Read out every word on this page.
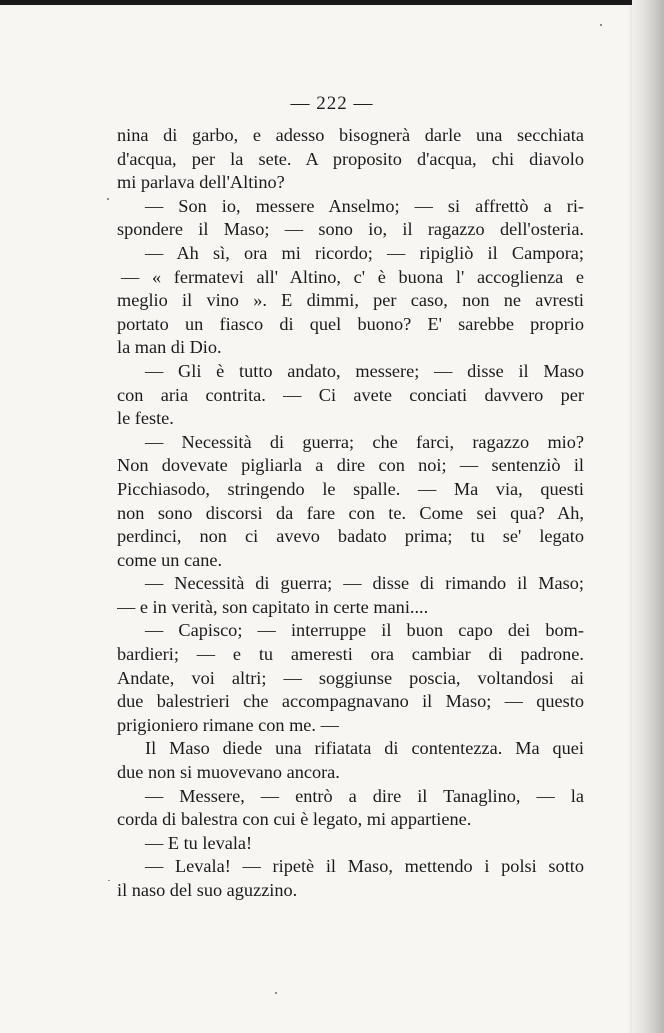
— 222 —
nina di garbo, e adesso bisognerà darle una secchiata
d'acqua, per la sete. A proposito d'acqua, chi diavolo
mi parlava dell'Altino?
— Son io, messere Anselmo; — si affrettò a ri-
spondere il Maso; — sono io, il ragazzo dell'osteria.
— Ah sì, ora mi ricordo; — ripigliò il Campora;
— « fermatevi all' Altino, c' è buona l' accoglienza e
meglio il vino ». E dimmi, per caso, non ne avresti
portato un fiasco di quel buono? E' sarebbe proprio
la man di Dio.
— Gli è tutto andato, messere; — disse il Maso
con aria contrita. — Ci avete conciati davvero per
le feste.
— Necessità di guerra; che farci, ragazzo mio?
Non dovevate pigliarla a dire con noi; — sentenziò il
Picchiasodo, stringendo le spalle. — Ma via, questi
non sono discorsi da fare con te. Come sei qua? Ah,
perdinci, non ci avevo badato prima; tu se' legato
come un cane.
— Necessità di guerra; — disse di rimando il Maso;
— e in verità, son capitato in certe mani....
— Capisco; — interruppe il buon capo dei bom-
bardieri; — e tu ameresti ora cambiar di padrone.
Andate, voi altri; — soggiunse poscia, voltandosi ai
due balestrieri che accompagnavano il Maso; — questo
prigioniero rimane con me. —
Il Maso diede una rifiatata di contentezza. Ma quei
due non si muovevano ancora.
— Messere, — entrò a dire il Tanaglino, — la
corda di balestra con cui è legato, mi appartiene.
— E tu levala!
— Levala! — ripetè il Maso, mettendo i polsi sotto
il naso del suo aguzzino.
